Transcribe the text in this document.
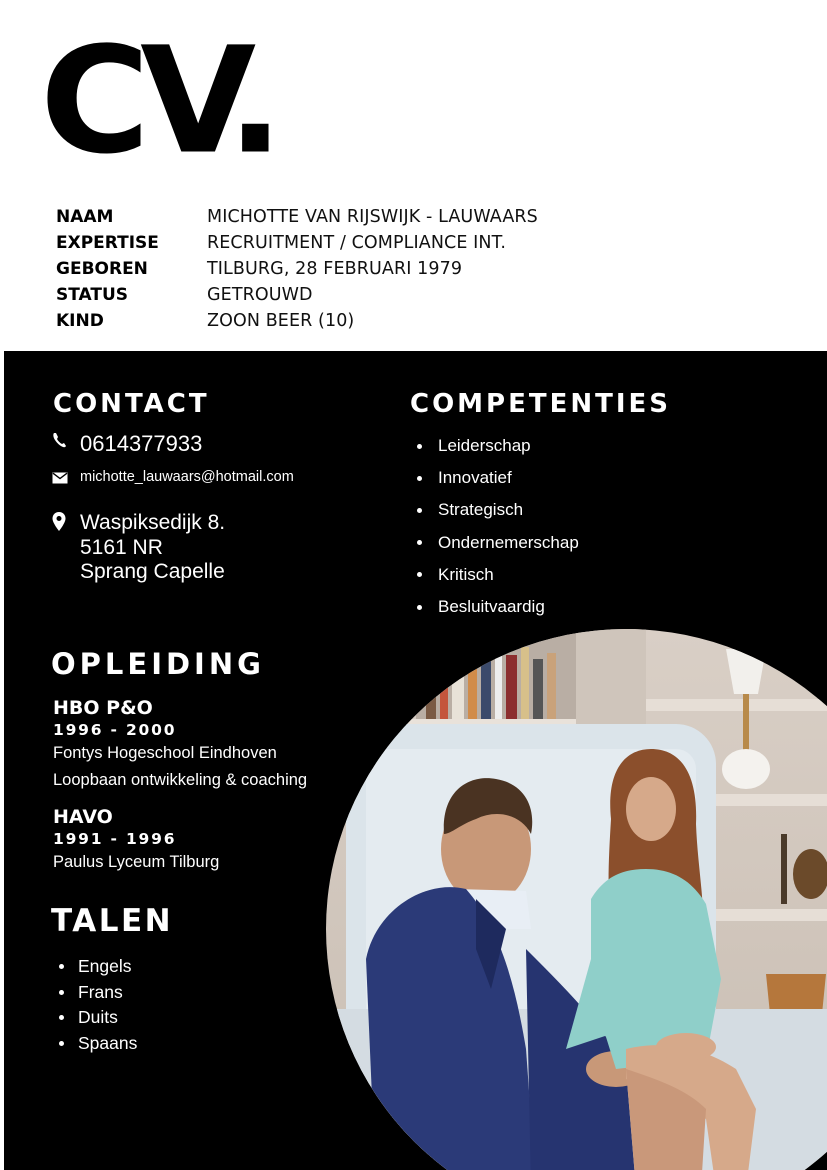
CV.
NAAM	MICHOTTE VAN RIJSWIJK - LAUWAARS
EXPERTISE	RECRUITMENT / COMPLIANCE INT.
GEBOREN	TILBURG, 28 FEBRUARI 1979
STATUS	GETROUWD
KIND	ZOON BEER (10)
CONTACT
0614377933
michotte_lauwaars@hotmail.com
Waspiksedijk 8.
5161 NR
Sprang Capelle
COMPETENTIES
Leiderschap
Innovatief
Strategisch
Ondernemerschap
Kritisch
Besluitvaardig
OPLEIDING
HBO P&O
1996 - 2000
Fontys Hogeschool Eindhoven
Loopbaan ontwikkeling & coaching
HAVO
1991 - 1996
Paulus Lyceum Tilburg
TALEN
Engels
Frans
Duits
Spaans
